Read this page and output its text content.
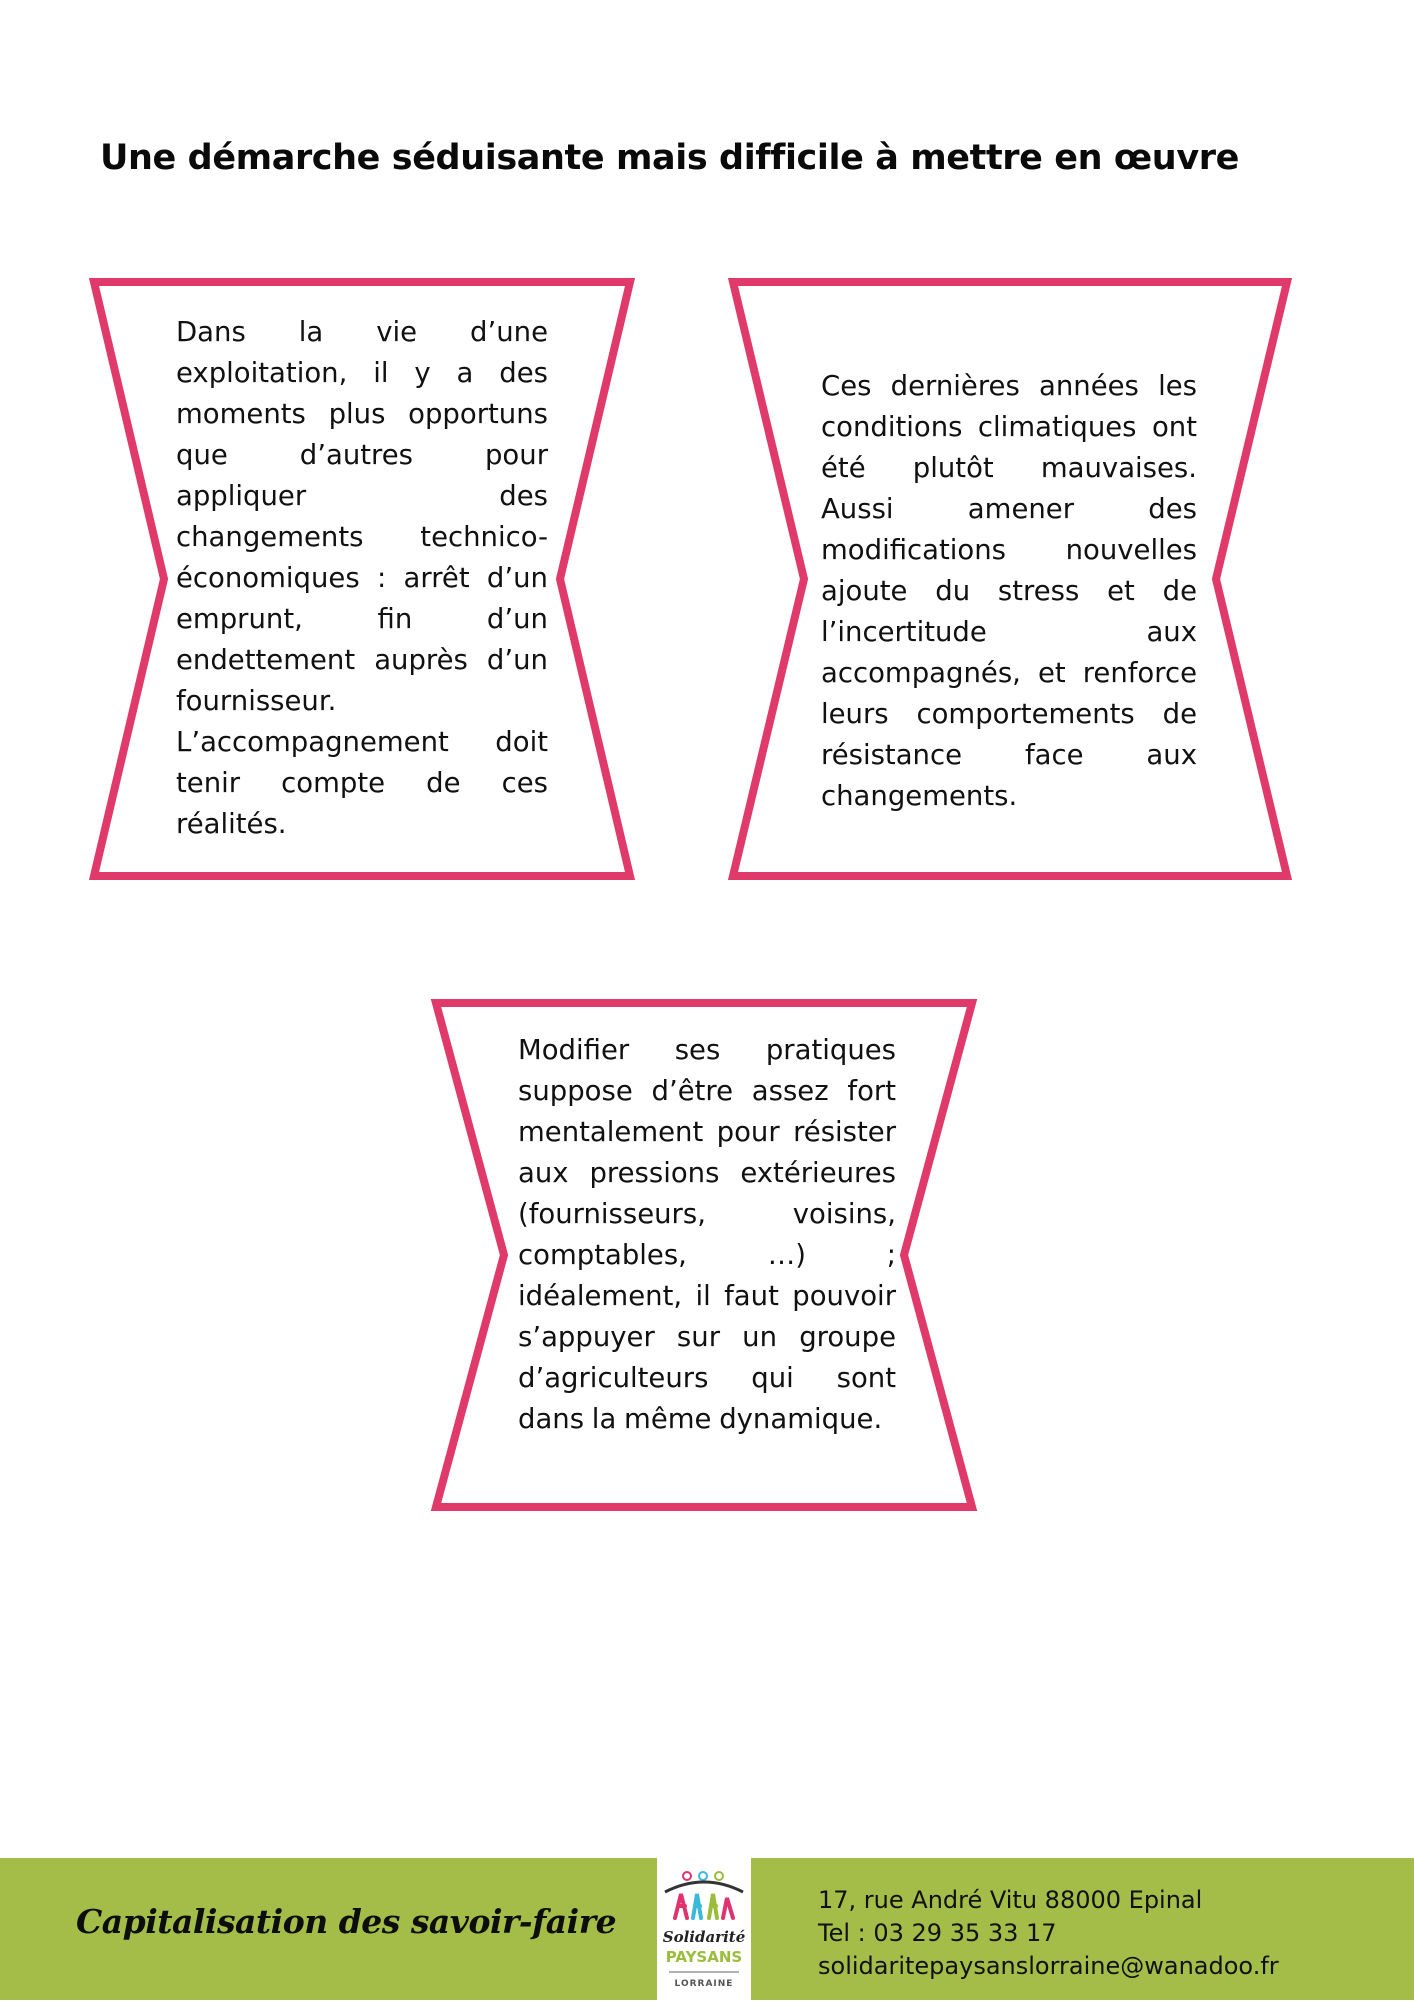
Une démarche séduisante mais difficile à mettre en œuvre

Dans la vie d’une exploitation, il y a des moments plus opportuns que d’autres pour appliquer des changements technico-économiques : arrêt d’un emprunt, fin d’un endettement auprès d’un fournisseur.

L’accompagnement doit tenir compte de ces réalités.

Ces dernières années les conditions climatiques ont été plutôt mauvaises. Aussi amener des modifications nouvelles ajoute du stress et de l’incertitude aux accompagnés, et renforce leurs comportements de résistance face aux changements.

Modifier ses pratiques suppose d’être assez fort mentalement pour résister aux pressions extérieures (fournisseurs, voisins, comptables, …) ; idéalement, il faut pouvoir s’appuyer sur un groupe d’agriculteurs qui sont dans la même dynamique.

Capitalisation des savoir-faire	Solidarité
PAYSANS
LORRAINE
17, rue André Vitu 88000 Epinal
Tel : 03 29 35 33 17
solidaritepaysanslorraine@wanadoo.fr
